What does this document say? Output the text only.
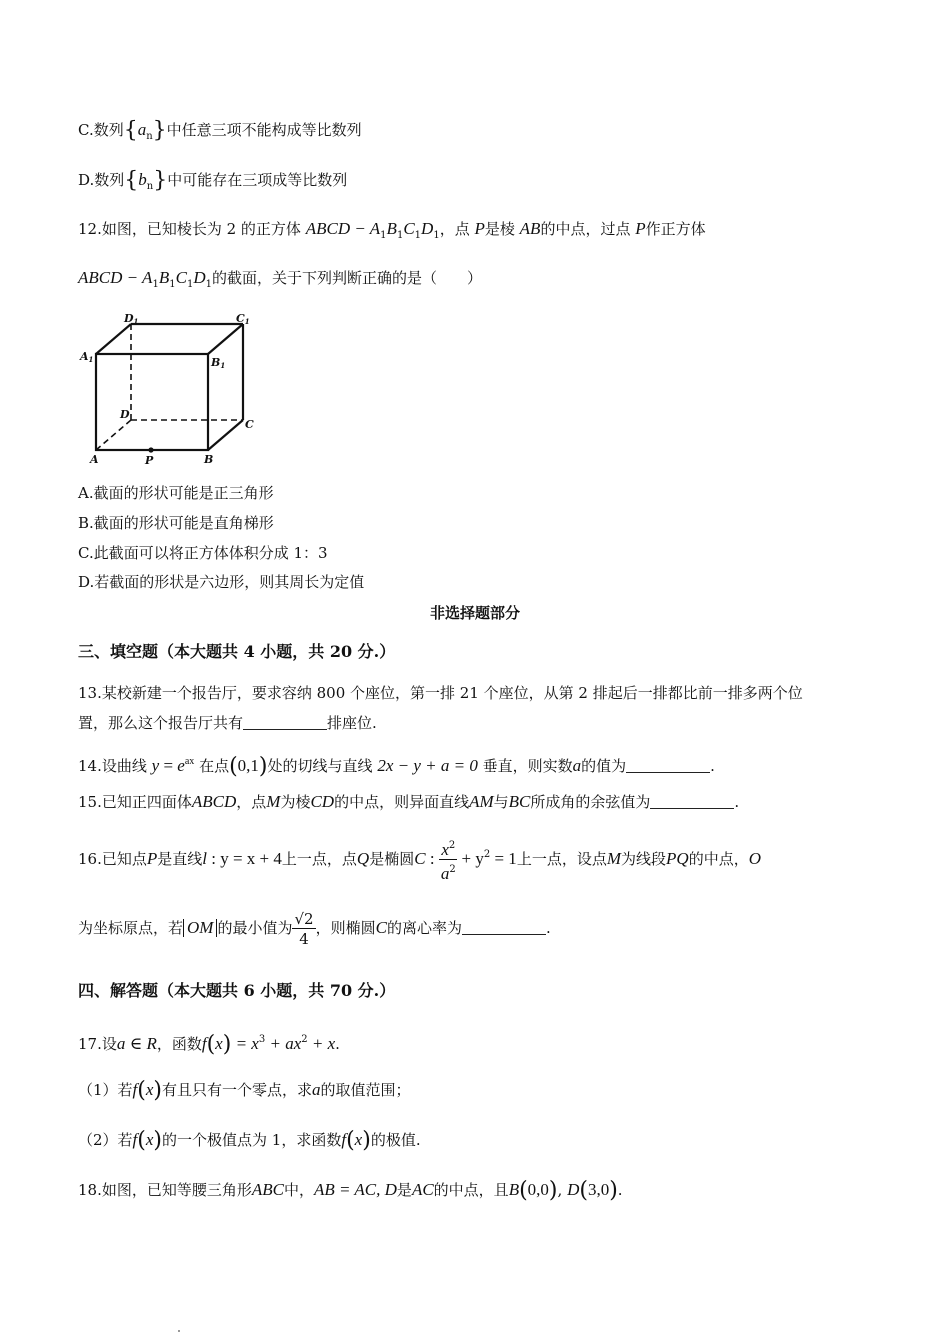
C.数列$\{a_n\}$中任意三项不能构成等比数列
D.数列$\{b_n\}$中可能存在三项成等比数列
12.如图，已知棱长为 2 的正方体 ABCD − $A_1B_1C_1D_1$，点 P是棱 AB的中点，过点 P作正方体
ABCD − $A_1B_1C_1D_1$的截面，关于下列判断正确的是（　　）
D1	C1
A1	B1
D
C
A	P	B
A.截面的形状可能是正三角形
B.截面的形状可能是直角梯形
C.此截面可以将正方体体积分成 1：3
D.若截面的形状是六边形，则其周长为定值
非选择题部分
三、填空题（本大题共 4 小题，共 20 分.）
13.某校新建一个报告厅，要求容纳 800 个座位，第一排 21 个座位，从第 2 排起后一排都比前一排多两个位
置，那么这个报告厅共有	排座位.
14.设曲线 $y = e^{ax}$ 在点(0,1)处的切线与直线 2x − y + a = 0 垂直，则实数a的值为	.
15.已知正四面体ABCD，点M为棱CD的中点，则异面直线AM与BC所成角的余弦值为	.
16.已知点P是直线l : y = x + 4上一点，点Q是椭圆C : $\frac{x^2}{a^2} + y^2 = 1$上一点，设点M为线段PQ的中点，O
为坐标原点，若 OM 的最小值为 $\frac{√2}{4}$ ，则椭圆C的离心率为	.
四、解答题（本大题共 6 小题，共 70 分.）
17.设a ∈ R，函数$f(x) = x^3 + ax^2 + x$.
（1）若f(x)有且只有一个零点，求a的取值范围；
（2）若f(x)的一个极值点为 1，求函数f(x)的极值.
18.如图，已知等腰三角形ABC中，AB = AC, D是AC的中点，且B(0,0), D(3,0).
